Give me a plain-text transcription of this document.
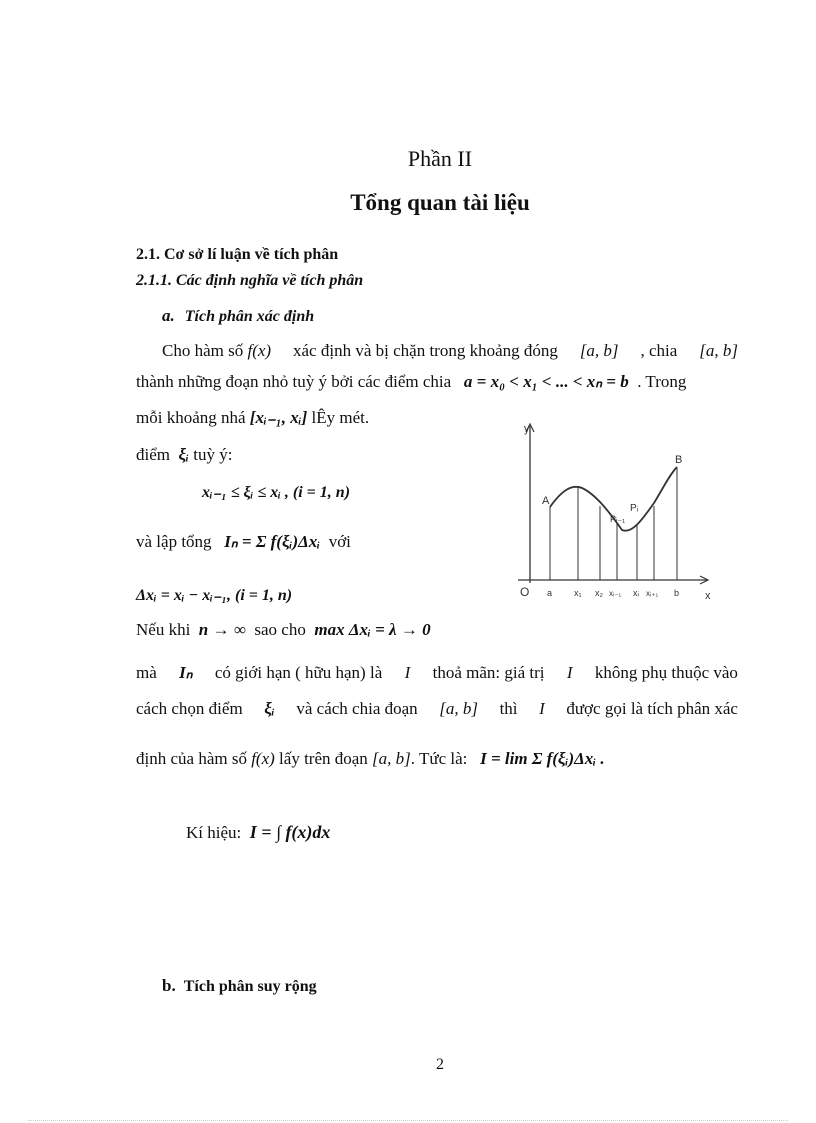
Phần II
Tổng quan tài liệu
2.1. Cơ sở lí luận về tích phân
2.1.1. Các định nghĩa về tích phân
a. Tích phân xác định
Cho hàm số f(x) xác định và bị chặn trong khoảng đóng [a, b] , chia [a, b]
thành những đoạn nhỏ tuỳ ý bởi các điểm chia a = x₀ < x₁ < ... < xₙ = b . Trong
mỗi khoảng nhá [xᵢ₋₁, xᵢ] lÊy mét.
điểm ξᵢ tuỳ ý:
xᵢ₋₁ ≤ ξᵢ ≤ xᵢ , (i = 1, n)
và lập tổng Iₙ = Σ f(ξᵢ)Δxᵢ với
Δxᵢ = xᵢ − xᵢ₋₁, (i = 1, n)
Nếu khi n → ∞ sao cho max Δxᵢ = λ → 0
mà Iₙ có giới hạn ( hữu hạn) là I thoả mãn: giá trị I không phụ thuộc vào
cách chọn điểm ξᵢ và cách chia đoạn [a, b] thì I được gọi là tích phân xác
định của hàm số f(x) lấy trên đoạn [a, b]. Tức là: I = lim Σ f(ξᵢ)Δxᵢ .
Kí hiệu: I = ∫ f(x)dx
b. Tích phân suy rộng
2
y
x
O
A
B
Pᵢ₋₁
Pᵢ
a x₁ x₂ xᵢ₋₁ xᵢ xᵢ₊₁ b
